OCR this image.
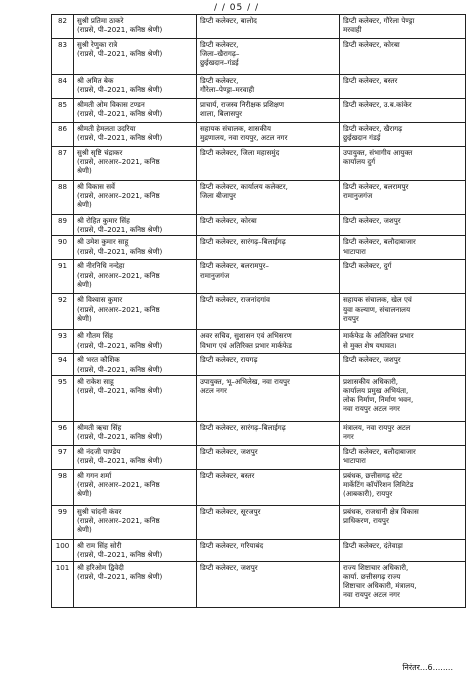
/ / 05 / /
82	सुश्री प्रतिमा ठाकरे
(राप्रसे, पी–2021, कनिष्ठ श्रेणी)	डिप्टी कलेक्टर, बालोद	डिप्टी कलेक्टर, गौरेला पेण्ड्रा
मरवाही

83	सुश्री रेणुका रात्रे
(राप्रसे, पी–2021, कनिष्ठ श्रेणी)	डिप्टी कलेक्टर,
जिला–खैरागढ़–
छुईखदान–गंडई	डिप्टी कलेक्टर, कोरबा

84	श्री अमित बेक
(राप्रसे, पी–2021, कनिष्ठ श्रेणी)	डिप्टी कलेक्टर,
गौरेला–पेण्ड्रा–मरवाही	डिप्टी कलेक्टर, बस्तर

85	श्रीमती ओम विकास टण्डन
(राप्रसे, पी–2021, कनिष्ठ श्रेणी)	प्राचार्य, राजस्व निरीक्षक प्रशिक्षण
शाला, बिलासपुर	डिप्टी कलेक्टर, उ.ब.कांकेर

86	श्रीमती हेमलता उदरिया
(राप्रसे, पी–2021, कनिष्ठ श्रेणी)	सहायक संचालक, शासकीय
मुद्रणालय, नवा रायपुर, अटल नगर	डिप्टी कलेक्टर, खैरागढ़
छुईखदान गंडई

87	सुश्री सृष्टि चंद्राकर
(राप्रसे, आरआर–2021, कनिष्ठ
श्रेणी)	डिप्टी कलेक्टर, जिला महासमुंद	उपायुक्त, संभागीय आयुक्त
कार्यालय दुर्ग

88	श्री विकास सर्वे
(राप्रसे, आरआर–2021, कनिष्ठ
श्रेणी)	डिप्टी कलेक्टर, कार्यालय कलेक्टर,
जिला बीजापुर	डिप्टी कलेक्टर, बलरामपुर
रामानुजगंज

89	श्री रोहित कुमार सिंह
(राप्रसे, पी–2021, कनिष्ठ श्रेणी)	डिप्टी कलेक्टर, कोरबा	डिप्टी कलेक्टर, जशपुर

90	श्री उमेश कुमार साहू
(राप्रसे, पी–2021, कनिष्ठ श्रेणी)	डिप्टी कलेक्टर, सारंगढ़–बिलाईगढ़	डिप्टी कलेक्टर, बलौदाबाजार
भाटापारा

91	श्री नीरनिधि नन्देहा
(राप्रसे, आरआर–2021, कनिष्ठ
श्रेणी)	डिप्टी कलेक्टर, बलरामपुर–
रामानुजगंज	डिप्टी कलेक्टर, दुर्ग

92	श्री विश्वास कुमार
(राप्रसे, आरआर–2021, कनिष्ठ
श्रेणी)	डिप्टी कलेक्टर, राजनांदगांव	सहायक संचालक, खेल एवं
युवा कल्याण, संचालनालय
रायपुर

93	श्री गौतम सिंह
(राप्रसे, पी–2021, कनिष्ठ श्रेणी)	अवर सचिव, सुशासन एवं अभिसरण
विभाग एवं अतिरिक्त प्रभार मार्कफेड	मार्कफेड के अतिरिक्त प्रभार
से मुक्त शेष यथावत।

94	श्री भरत कौशिक
(राप्रसे, पी–2021, कनिष्ठ श्रेणी)	डिप्टी कलेक्टर, रायगढ़	डिप्टी कलेक्टर, जशपुर

95	श्री राकेश साहू
(राप्रसे, पी–2021, कनिष्ठ श्रेणी)	उपायुक्त, भू–अभिलेख, नवा रायपुर
अटल नगर	प्रशासकीय अधिकारी,
कार्यालय प्रमुख अभियंता,
लोक निर्माण, निर्माण भवन,
नवा रायपुर अटल नगर

96	श्रीमती ऋचा सिंह
(राप्रसे, पी–2021, कनिष्ठ श्रेणी)	डिप्टी कलेक्टर, सारंगढ़–बिलाईगढ़	मंत्रालय, नवा रायपुर अटल
नगर

97	श्री नंदजी पाण्डेय
(राप्रसे, पी–2021, कनिष्ठ श्रेणी)	डिप्टी कलेक्टर, जशपुर	डिप्टी कलेक्टर, बलौदाबाजार
भाटापारा

98	श्री गगन शर्मा
(राप्रसे, आरआर–2021, कनिष्ठ
श्रेणी)	डिप्टी कलेक्टर, बस्तर	प्रबंधक, छत्तीसगढ़ स्टेट
मार्केटिंग कॉर्पोरेशन लिमिटेड
(आबकारी), रायपुर

99	सुश्री चांदनी कंवर
(राप्रसे, आरआर–2021, कनिष्ठ
श्रेणी)	डिप्टी कलेक्टर, सूरजपुर	प्रबंधक, राजधानी क्षेत्र विकास
प्राधिकरण, रायपुर

100	श्री राम सिंह सोरी
(राप्रसे, पी–2021, कनिष्ठ श्रेणी)	डिप्टी कलेक्टर, गरियाबंद	डिप्टी कलेक्टर, दंतेवाड़ा

101	श्री हरिओम द्विवेदी
(राप्रसे, पी–2021, कनिष्ठ श्रेणी)	डिप्टी कलेक्टर, जशपुर	राज्य शिष्टाचार अधिकारी,
कार्या. छत्तीसगढ़ राज्य
शिष्टाचार अधिकारी, मंत्रालय,
नवा रायपुर अटल नगर
निरंतर...6........
